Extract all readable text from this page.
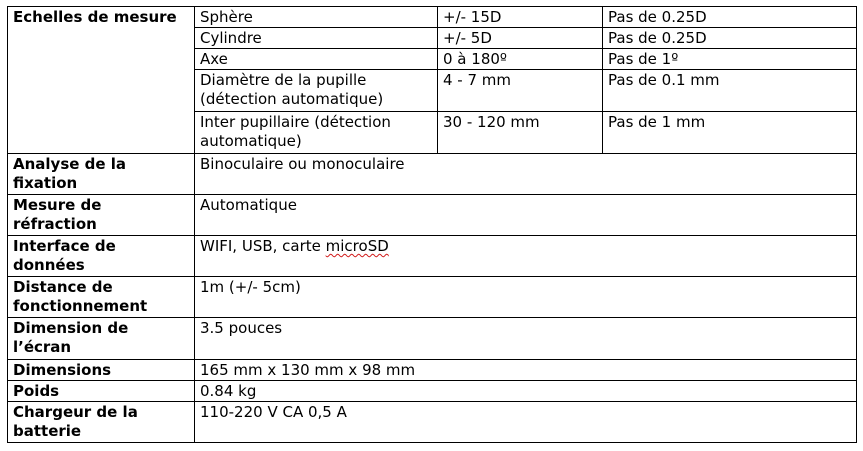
Echelles de mesure	Sphère	+/- 15D	Pas de 0.25D
	Cylindre	+/- 5D	Pas de 0.25D
	Axe	0 à 180º	Pas de 1º
	Diamètre de la pupille (détection automatique)	4 - 7 mm	Pas de 0.1 mm
	Inter pupillaire (détection automatique)	30 - 120 mm	Pas de 1 mm
Analyse de la fixation	Binoculaire ou monoculaire		
Mesure de réfraction	Automatique		
Interface de données	WIFI, USB, carte microSD		
Distance de fonctionnement	1m (+/- 5cm)		
Dimension de l’écran	3.5 pouces		
Dimensions	165 mm x 130 mm x 98 mm		
Poids	0.84 kg		
Chargeur de la batterie	110-220 V CA 0,5 A		
